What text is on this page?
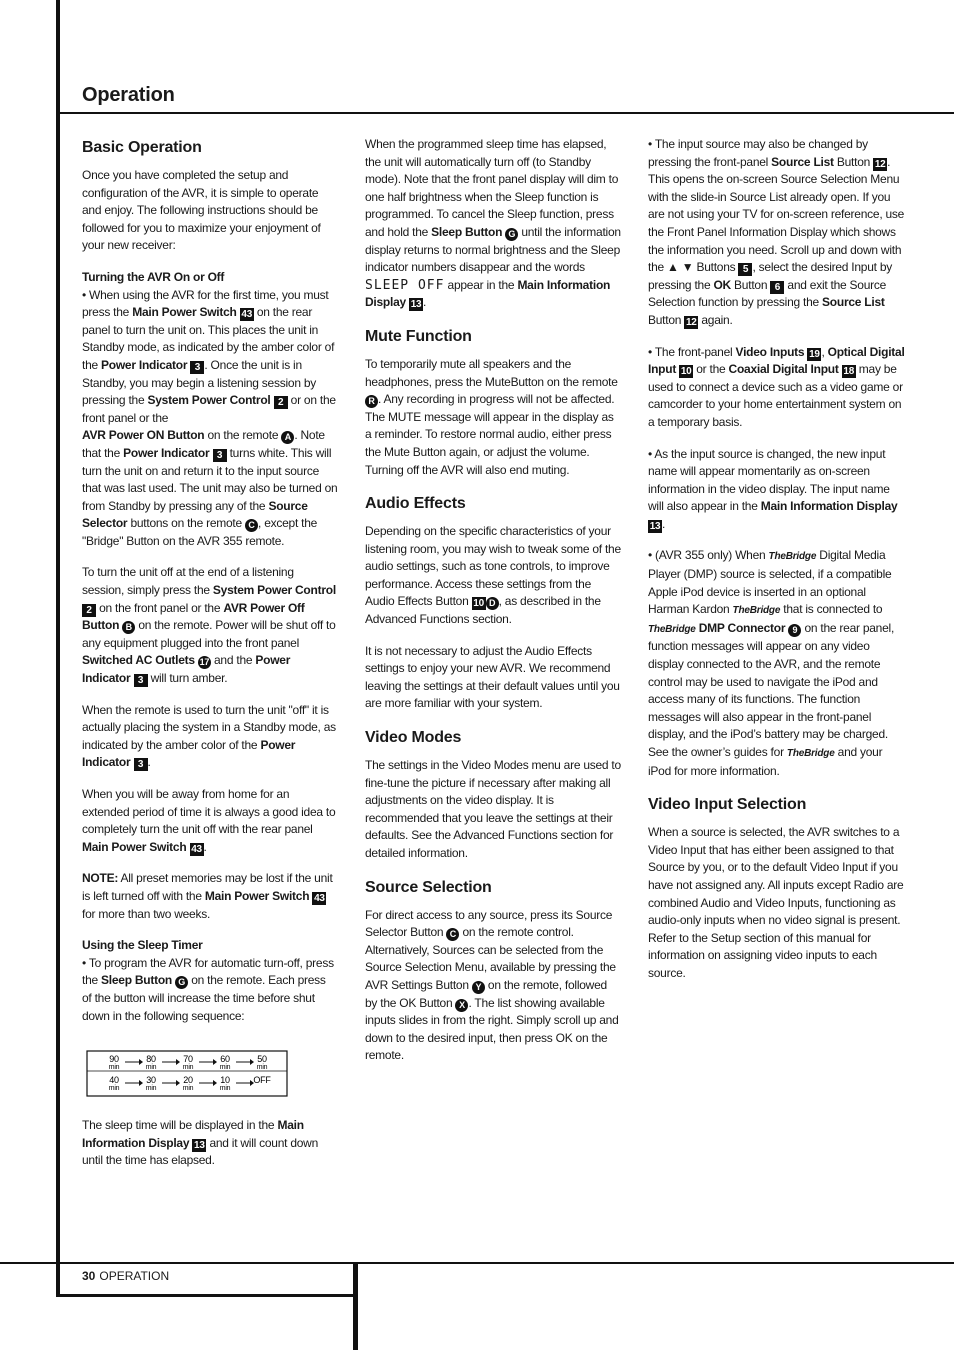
Operation
30 OPERATION
Basic Operation

Once you have completed the setup and configuration of the AVR, it is simple to operate and enjoy. The following instructions should be followed for you to maximize your enjoyment of your new receiver:

Turning the AVR On or Off

• When using the AVR for the first time, you must press the Main Power Switch 43 on the rear panel to turn the unit on. This places the unit in Standby mode, as indicated by the amber color of the Power Indicator 3 . Once the unit is in Standby, you may begin a listening session by pressing the System Power Control 2 or on the front panel or the
AVR Power ON Button on the remote A . Note that the Power Indicator 3 turns white. This will turn the unit on and return it to the input source that was last used. The unit may also be turned on from Standby by pressing any of the Source Selector buttons on the remote C , except the "Bridge" Button on the AVR 355 remote.

To turn the unit off at the end of a listening session, simply press the System Power Control 2 on the front panel or the AVR Power Off Button B on the remote. Power will be shut off to any equipment plugged into the front panel Switched AC Outlets 17 and the Power Indicator 3 will turn amber.

When the remote is used to turn the unit "off" it is actually placing the system in a Standby mode, as indicated by the amber color of the Power Indicator 3 .

When you will be away from home for an extended period of time it is always a good idea to completely turn the unit off with the rear panel Main Power Switch 43 .

NOTE: All preset memories may be lost if the unit is left turned off with the Main Power Switch 43 for more than two weeks.

Using the Sleep Timer

• To program the AVR for automatic turn-off, press the Sleep Button G on the remote. Each press of the button will increase the time before shut down in the following sequence:

90
min
80
min
70
min
60
min
50
min
40
min
30
min
20
min
10
min
OFF

The sleep time will be displayed in the Main Information Display 13 and it will count down until the time has elapsed.

When the programmed sleep time has elapsed, the unit will automatically turn off (to Standby mode). Note that the front panel display will dim to one half brightness when the Sleep function is programmed. To cancel the Sleep function, press and hold the Sleep Button G until the information display returns to normal brightness and the Sleep indicator numbers disappear and the words SLEEP OFF appear in the Main Information Display 13 .

Mute Function

To temporarily mute all speakers and the headphones, press the MuteButton on the remote R . Any recording in progress will not be affected. The MUTE message will appear in the display as a reminder. To restore normal audio, either press the Mute Button again, or adjust the volume. Turning off the AVR will also end muting.

Audio Effects

Depending on the specific characteristics of your listening room, you may wish to tweak some of the audio settings, such as tone controls, to improve performance. Access these settings from the Audio Effects Button 10 D , as described in the Advanced Functions section.

It is not necessary to adjust the Audio Effects settings to enjoy your new AVR. We recommend leaving the settings at their default values until you are more familiar with your system.

Video Modes

The settings in the Video Modes menu are used to fine-tune the picture if necessary after making all adjustments on the video display. It is recommended that you leave the settings at their defaults. See the Advanced Functions section for detailed information.

Source Selection

For direct access to any source, press its Source Selector Button C on the remote control. Alternatively, Sources can be selected from the Source Selection Menu, available by pressing the AVR Settings Button Y on the remote, followed by the OK Button X . The list showing available inputs slides in from the right. Simply scroll up and down to the desired input, then press OK on the remote.

• The input source may also be changed by pressing the front-panel Source List Button 12 . This opens the on-screen Source Selection Menu with the slide-in Source List already open. If you are not using your TV for on-screen reference, use the Front Panel Information Display which shows the information you need. Scroll up and down with the ▲ ▼ Buttons 5 , select the desired Input by pressing the OK Button 6 and exit the Source Selection function by pressing the Source List Button 12 again.

• The front-panel Video Inputs 19 , Optical Digital Input 10 or the Coaxial Digital Input 18 may be used to connect a device such as a video game or camcorder to your home entertainment system on a temporary basis.

• As the input source is changed, the new input name will appear momentarily as on-screen information in the video display. The input name will also appear in the Main Information Display 13 .

• (AVR 355 only) When TheBridge Digital Media Player (DMP) source is selected, if a compatible Apple iPod device is inserted in an optional Harman Kardon TheBridge that is connected to TheBridge DMP Connector 9 on the rear panel, function messages will appear on any video display connected to the AVR, and the remote control may be used to navigate the iPod and access many of its functions. The function messages will also appear in the front-panel display, and the iPod’s battery may be charged. See the owner’s guides for TheBridge and your iPod for more information.

Video Input Selection

When a source is selected, the AVR switches to a Video Input that has either been assigned to that Source by you, or to the default Video Input if you have not assigned any. All inputs except Radio are combined Audio and Video Inputs, functioning as audio-only inputs when no video signal is present. Refer to the Setup section of this manual for information on assigning video inputs to each source.
